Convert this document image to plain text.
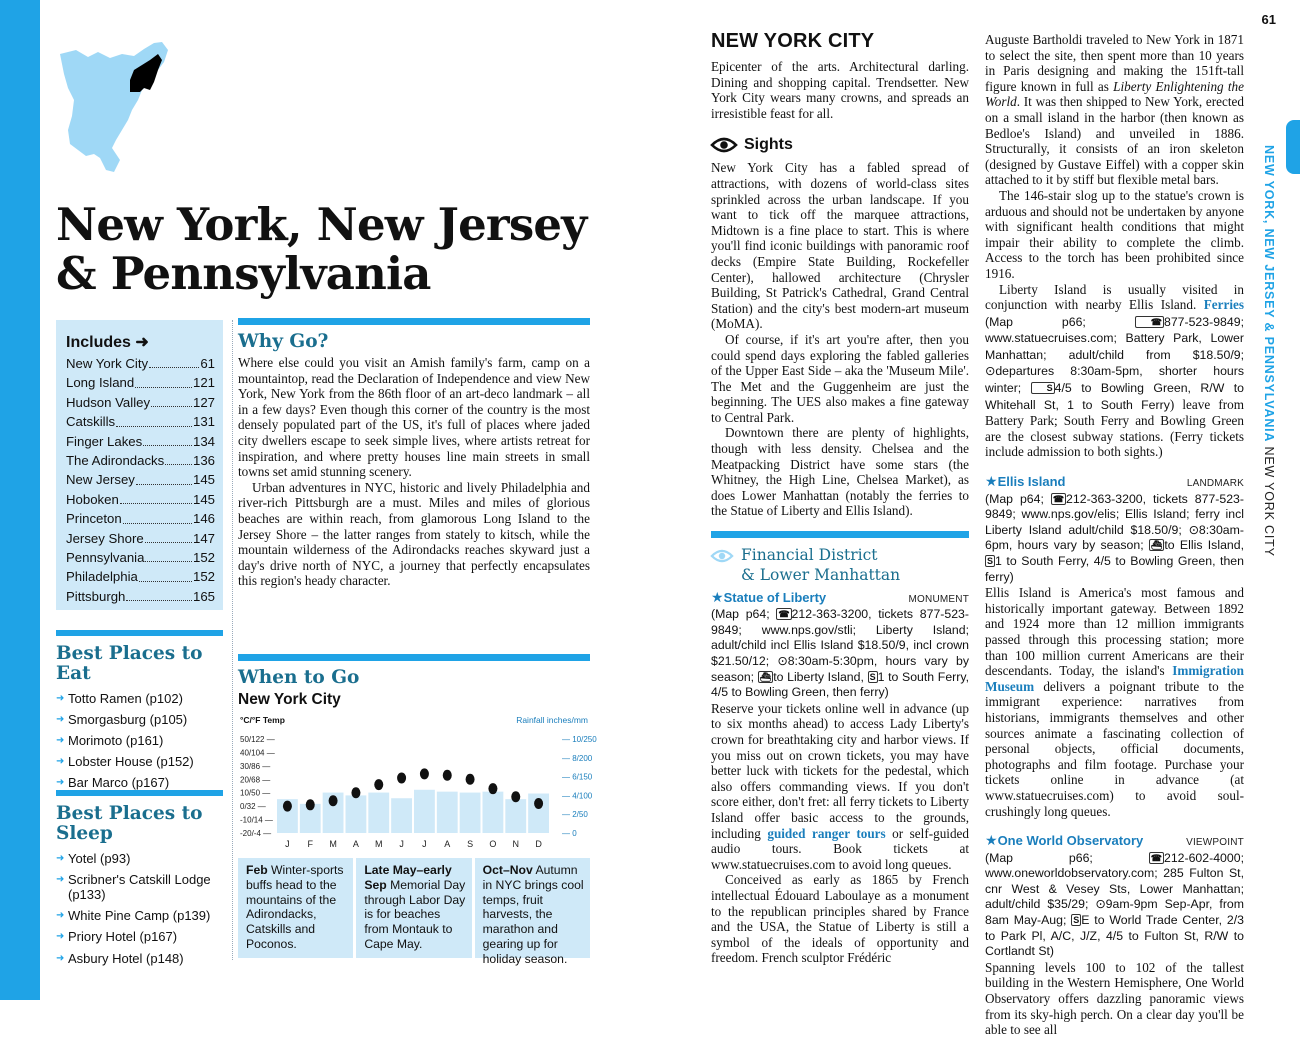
61
NEW YORK, NEW JERSEY & PENNSYLVANIA NEW YORK CITY
New York, New Jersey
& Pennsylvania
Includes ➜
New York City	61
Long Island	121
Hudson Valley	127
Catskills	131
Finger Lakes	134
The Adirondacks 136
New Jersey	145
Hoboken	145
Princeton	146
Jersey Shore	147
Pennsylvania	152
Philadelphia	152
Pittsburgh	165
Best Places to Eat
➜ Totto Ramen (p102)
➜ Smorgasburg (p105)
➜ Morimoto (p161)
➜ Lobster House (p152)
➜ Bar Marco (p167)
Best Places to Sleep
➜ Yotel (p93)
➜ Scribner's Catskill Lodge (p133)
➜ White Pine Camp (p139)
➜ Priory Hotel (p167)
➜ Asbury Hotel (p148)
Why Go?

Where else could you visit an Amish family's farm, camp on a mountaintop, read the Declaration of Independence and view New York, New York from the 86th floor of an art-deco landmark – all in a few days? Even though this corner of the country is the most densely populated part of the US, it's full of places where jaded city dwellers escape to seek simple lives, where artists retreat for inspiration, and where pretty houses line main streets in small towns set amid stunning scenery.

Urban adventures in NYC, historic and lively Philadelphia and river-rich Pittsburgh are a must. Miles and miles of glorious beaches are within reach, from glamorous Long Island to the Jersey Shore – the latter ranges from stately to kitsch, while the mountain wilderness of the Adirondacks reaches skyward just a day's drive north of NYC, a journey that perfectly encapsulates this region's heady character.

When to Go
New York City
°C/°F Temp	Rainfall inches/mm
50/122 —
40/104 —
30/86 —
20/68 —
10/50 —
0/32 —
-10/14 —
-20/-4 —
— 10/250
— 8/200
— 6/150
— 4/100
— 2/50
— 0
J F M A M J J A S O N D
Feb Winter-sports buffs head to the mountains of the Adirondacks, Catskills and Poconos.
Late May–early Sep Memorial Day through Labor Day is for beaches from Montauk to Cape May.
Oct–Nov Autumn in NYC brings cool temps, fruit harvests, the marathon and gearing up for holiday season.
NEW YORK CITY
Epicenter of the arts. Architectural darling. Dining and shopping capital. Trendsetter. New York City wears many crowns, and spreads an irresistible feast for all.
Sights

New York City has a fabled spread of attractions, with dozens of world-class sites sprinkled across the urban landscape. If you want to tick off the marquee attractions, Midtown is a fine place to start. This is where you'll find iconic buildings with panoramic roof decks (Empire State Building, Rockefeller Center), hallowed architecture (Chrysler Building, St Patrick's Cathedral, Grand Central Station) and the city's best modern-art museum (MoMA).

Of course, if it's art you're after, then you could spend days exploring the fabled galleries of the Upper East Side – aka the 'Museum Mile'. The Met and the Guggenheim are just the beginning. The UES also makes a fine gateway to Central Park.

Downtown there are plenty of highlights, though with less density. Chelsea and the Meatpacking District have some stars (the Whitney, the High Line, Chelsea Market), as does Lower Manhattan (notably the ferries to the Statue of Liberty and Ellis Island).

Financial District
& Lower Manhattan
★Statue of Liberty	MONUMENT
(Map p64; ☎ 212-363-3200, tickets 877-523-9849; www.nps.gov/stli; Liberty Island; adult/child incl Ellis Island $18.50/9, incl crown $21.50/12; ⊙8:30am-5:30pm, hours vary by season; ⛴ to Liberty Island, S 1 to South Ferry, 4/5 to Bowling Green, then ferry)

Reserve your tickets online well in advance (up to six months ahead) to access Lady Liberty's crown for breathtaking city and harbor views. If you miss out on crown tickets, you may have better luck with tickets for the pedestal, which also offers commanding views. If you don't score either, don't fret: all ferry tickets to Liberty Island offer basic access to the grounds, including guided ranger tours or self-guided audio tours. Book tickets at www.statuecruises.com to avoid long queues.

Conceived as early as 1865 by French intellectual Édouard Laboulaye as a monument to the republican principles shared by France and the USA, the Statue of Liberty is still a symbol of the ideals of opportunity and freedom. French sculptor Frédéric

Auguste Bartholdi traveled to New York in 1871 to select the site, then spent more than 10 years in Paris designing and making the 151ft-tall figure known in full as Liberty Enlightening the World. It was then shipped to New York, erected on a small island in the harbor (then known as Bedloe's Island) and unveiled in 1886. Structurally, it consists of an iron skeleton (designed by Gustave Eiffel) with a copper skin attached to it by stiff but flexible metal bars.

The 146-stair slog up to the statue's crown is arduous and should not be undertaken by anyone with significant health conditions that might impair their ability to complete the climb. Access to the torch has been prohibited since 1916.

Liberty Island is usually visited in conjunction with nearby Ellis Island. Ferries (Map p66; ☎ 877-523-9849; www.statuecruises.com; Battery Park, Lower Manhattan; adult/child from $18.50/9; ⊙departures 8:30am-5pm, shorter hours winter; S 4/5 to Bowling Green, R/W to Whitehall St, 1 to South Ferry) leave from Battery Park; South Ferry and Bowling Green are the closest subway stations. (Ferry tickets include admission to both sights.)

★Ellis Island	LANDMARK
(Map p64; ☎ 212-363-3200, tickets 877-523-9849; www.nps.gov/elis; Ellis Island; ferry incl Liberty Island adult/child $18.50/9; ⊙8:30am-6pm, hours vary by season; ⛴ to Ellis Island, S 1 to South Ferry, 4/5 to Bowling Green, then ferry)

Ellis Island is America's most famous and historically important gateway. Between 1892 and 1924 more than 12 million immigrants passed through this processing station; more than 100 million current Americans are their descendants. Today, the island's Immigration Museum delivers a poignant tribute to the immigrant experience: narratives from historians, immigrants themselves and other sources animate a fascinating collection of personal objects, official documents, photographs and film footage. Purchase your tickets online in advance (at www.statuecruises.com) to avoid soul-crushingly long queues.

★One World Observatory	VIEWPOINT
(Map p66; ☎ 212-602-4000; www.oneworldobservatory.com; 285 Fulton St, cnr West & Vesey Sts, Lower Manhattan; adult/child $35/29; ⊙9am-9pm Sep-Apr, from 8am May-Aug; S E to World Trade Center, 2/3 to Park Pl, A/C, J/Z, 4/5 to Fulton St, R/W to Cortlandt St)

Spanning levels 100 to 102 of the tallest building in the Western Hemisphere, One World Observatory offers dazzling panoramic views from its sky-high perch. On a clear day you'll be able to see all
